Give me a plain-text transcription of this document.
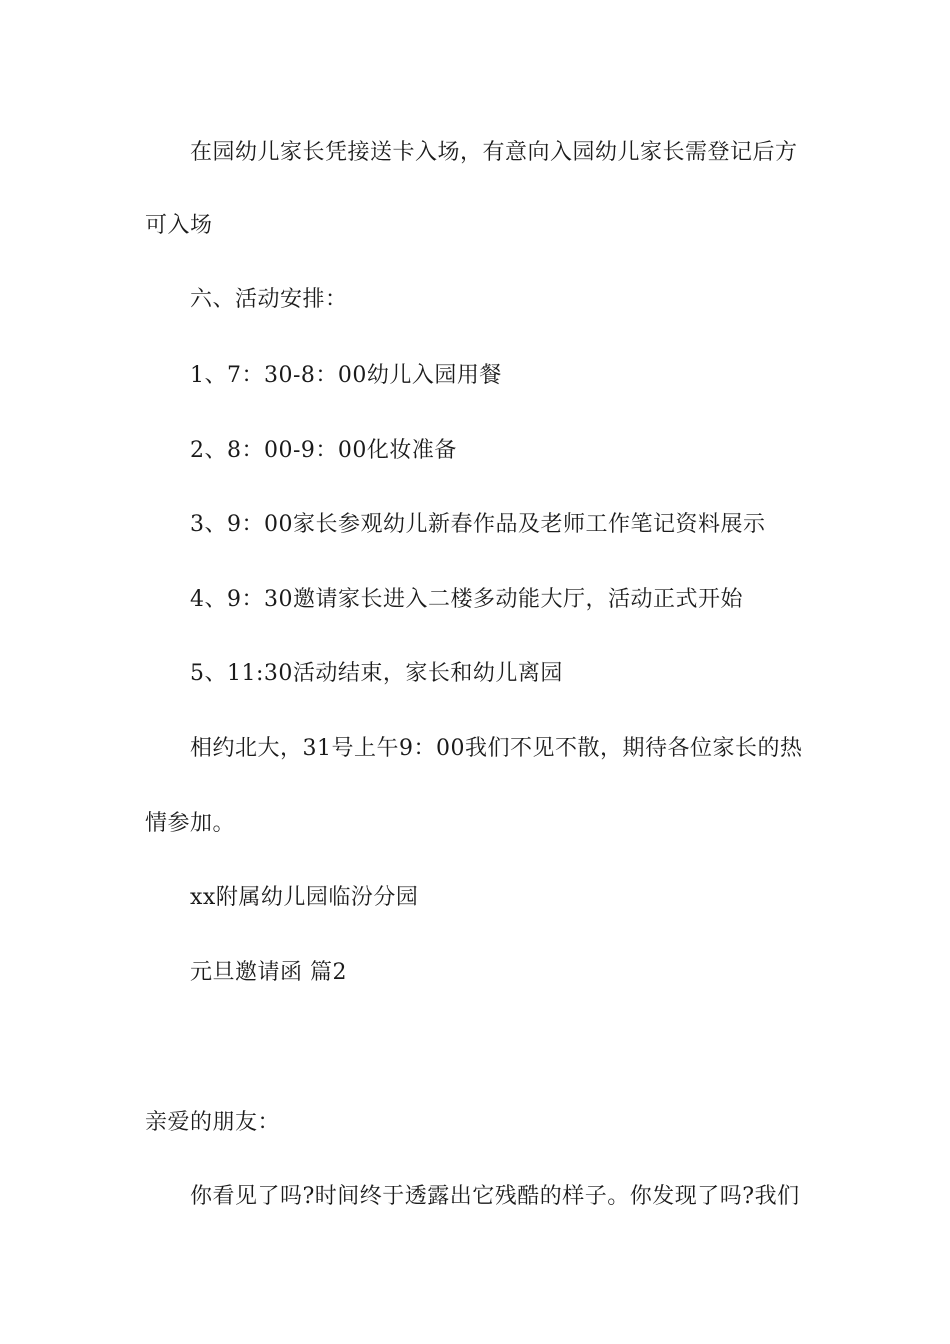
在园幼儿家长凭接送卡入场，有意向入园幼儿家长需登记后方

可入场

六、活动安排：

1、7：30-8：00幼儿入园用餐

2、8：00-9：00化妆准备

3、9：00家长参观幼儿新春作品及老师工作笔记资料展示

4、9：30邀请家长进入二楼多动能大厅，活动正式开始

5、11:30活动结束，家长和幼儿离园

相约北大，31号上午9：00我们不见不散，期待各位家长的热

情参加。

xx附属幼儿园临汾分园

元旦邀请函 篇2

亲爱的朋友：

你看见了吗?时间终于透露出它残酷的样子。你发现了吗?我们
